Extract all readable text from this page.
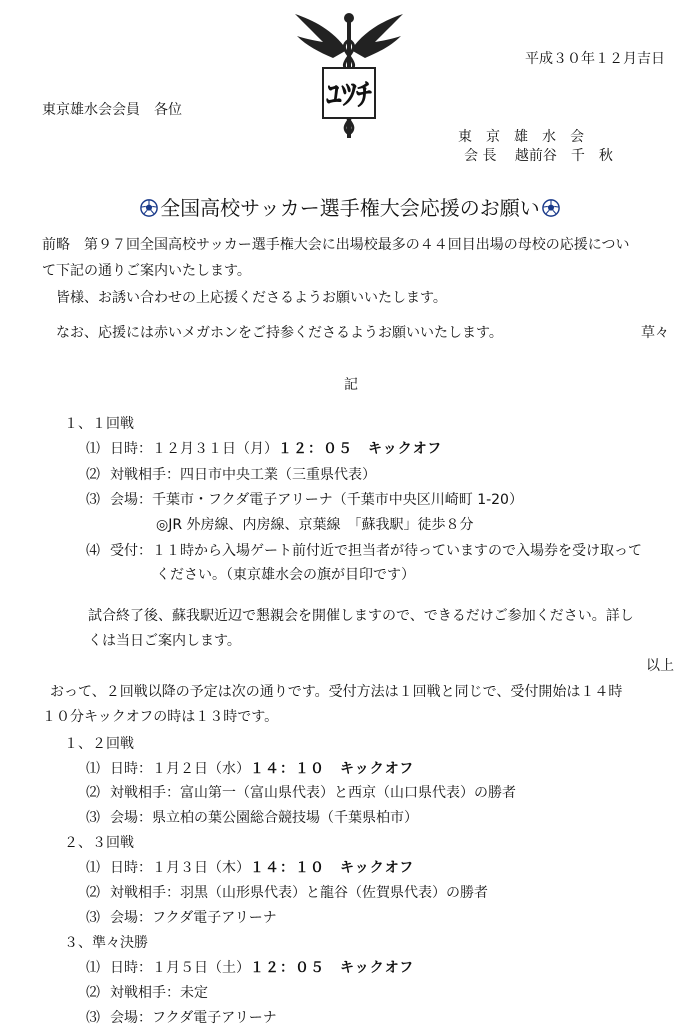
ﾕﾂﾁ
平成３０年１２月吉日
東京雄水会会員　各位
東　京　雄　水　会
会 長　 越前谷　千　秋
全国高校サッカー選手権大会応援のお願い
前略　第９７回全国高校サッカー選手権大会に出場校最多の４４回目出場の母校の応援につい
て下記の通りご案内いたします。
皆様、お誘い合わせの上応援くださるようお願いいたします。
なお、応援には赤いメガホンをご持参くださるようお願いいたします。	草々
記
１、１回戦
⑴ 日時：１２月３１日（月）１２：０５　キックオフ
⑵ 対戦相手：四日市中央工業（三重県代表）
⑶ 会場：千葉市・フクダ電子アリーナ（千葉市中央区川崎町 1-20）
◎JR 外房線、内房線、京葉線　「蘇我駅」徒歩８分
⑷ 受付：１１時から入場ゲート前付近で担当者が待っていますので入場券を受け取って
ください。（東京雄水会の旗が目印です）
試合終了後、蘇我駅近辺で懇親会を開催しますので、できるだけご参加ください。詳し
くは当日ご案内します。
以上
おって、２回戦以降の予定は次の通りです。受付方法は１回戦と同じで、受付開始は１４時
１０分キックオフの時は１３時です。
１、２回戦
⑴ 日時：１月２日（水）１４：１０　キックオフ
⑵ 対戦相手：富山第一（富山県代表）と西京（山口県代表）の勝者
⑶ 会場：県立柏の葉公園総合競技場（千葉県柏市）
２、３回戦
⑴ 日時：１月３日（木）１４：１０　キックオフ
⑵ 対戦相手：羽黒（山形県代表）と龍谷（佐賀県代表）の勝者
⑶ 会場：フクダ電子アリーナ
３、準々決勝
⑴ 日時：１月５日（土）１２：０５　キックオフ
⑵ 対戦相手：未定
⑶ 会場：フクダ電子アリーナ
